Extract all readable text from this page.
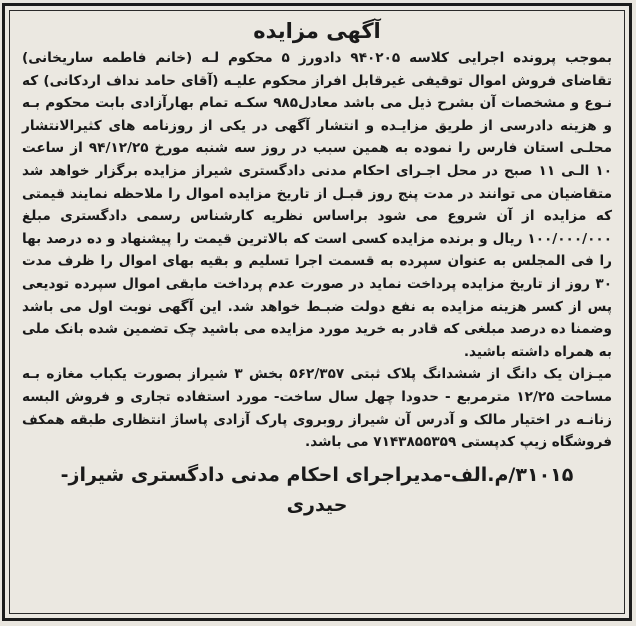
آگهی مزایده

بموجب پرونده اجرایی کلاسه ۹۴۰۲۰۵ دادورز ۵ محکوم لـه (خانم فاطمه ساریخانی) تقاضای فروش اموال توقیفی غیرقابل افراز محکوم علیـه (آقای حامد نداف اردکانی) که نـوع و مشخصات آن بشرح ذیل می باشد معادل۹۸۵ سکـه تمام بهارآزادی بابت محکوم بـه و هزینه دادرسی از طریق مزایـده و انتشار آگهی در یکی از روزنامه های کثیرالانتشار محلـی استان فارس را نموده به همین سبب در روز سه شنبه مورخ ۹۴/۱۲/۲۵ از ساعت ۱۰ الـی ۱۱ صبح در محل اجـرای احکام مدنی دادگستری شیراز مزایده برگزار خواهد شد متقاضیان می توانند در مدت پنج روز قبـل از تاریخ مزایده اموال را ملاحظه نمایند قیمتی که مزایده از آن شروع می شود براساس نظریه کارشناس رسمی دادگستری مبلغ ۱۰۰/۰۰۰/۰۰۰ ریال و برنده مزایده کسی است که بالاترین قیمت را پیشنهاد و ده درصد بها را فی المجلس به عنوان سپرده به قسمت اجرا تسلیم و بقیه بهای اموال را ظرف مدت ۳۰ روز از تاریخ مزایده پرداخت نماید در صورت عدم پرداخت مابقی اموال سپرده تودیعی پس از کسر هزینه مزایده به نفع دولت ضبـط خواهد شد. این آگهی نوبت اول می باشد وضمنا ده درصد مبلغی که قادر به خرید مورد مزایده می باشید چک تضمین شده بانک ملی به همراه داشته باشید.

میـزان یک دانگ از ششدانگ پلاک ثبتی ۵۶۲/۳۵۷ بخش ۳ شیراز بصورت یکباب مغازه بـه مساحت ۱۲/۲۵ مترمربع - حدودا چهل سال ساخت- مورد استفاده تجاری و فروش البسه زنانـه در اختیار مالک و آدرس آن شیراز روبروی پارک آزادی پاساژ انتظاری طبقه همکف فروشگاه زیپ کدپستی ۷۱۴۳۸۵۵۳۵۹ می باشد.

۳۱۰۱۵/م.الف-مدیراجرای احکام مدنی دادگستری شیراز-
حیدری
